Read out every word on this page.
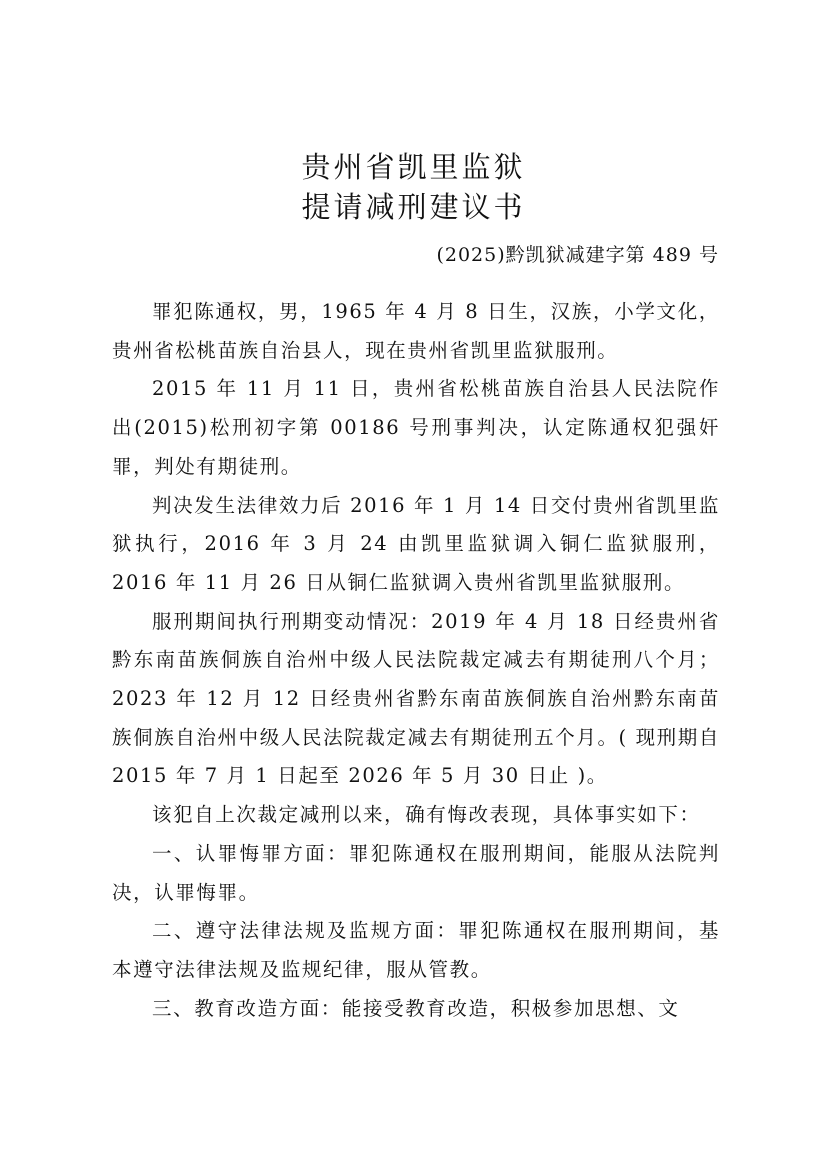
贵州省凯里监狱
提请减刑建议书

(2025)黔凯狱减建字第 489 号

罪犯陈通权，男，1965 年 4 月 8 日生，汉族，小学文化，贵州省松桃苗族自治县人，现在贵州省凯里监狱服刑。

2015 年 11 月 11 日，贵州省松桃苗族自治县人民法院作出(2015)松刑初字第 00186 号刑事判决，认定陈通权犯强奸罪，判处有期徒刑。

判决发生法律效力后 2016 年 1 月 14 日交付贵州省凯里监狱执行，2016 年 3 月 24 由凯里监狱调入铜仁监狱服刑，2016 年 11 月 26 日从铜仁监狱调入贵州省凯里监狱服刑。

服刑期间执行刑期变动情况：2019 年 4 月 18 日经贵州省黔东南苗族侗族自治州中级人民法院裁定减去有期徒刑八个月；2023 年 12 月 12 日经贵州省黔东南苗族侗族自治州黔东南苗族侗族自治州中级人民法院裁定减去有期徒刑五个月。( 现刑期自 2015 年 7 月 1 日起至 2026 年 5 月 30 日止 )。

该犯自上次裁定减刑以来，确有悔改表现，具体事实如下：

一、认罪悔罪方面：罪犯陈通权在服刑期间，能服从法院判决，认罪悔罪。

二、遵守法律法规及监规方面：罪犯陈通权在服刑期间，基本遵守法律法规及监规纪律，服从管教。

三、教育改造方面：能接受教育改造，积极参加思想、文
